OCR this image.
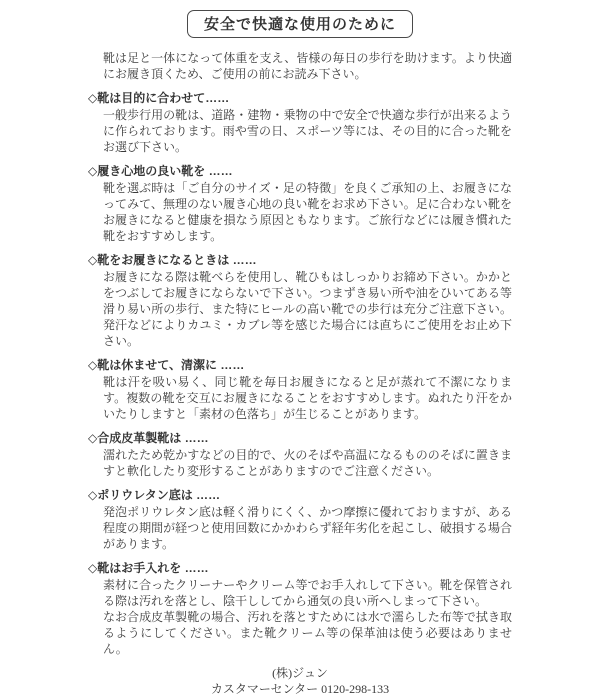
安全で快適な使用のために

靴は足と一体になって体重を支え、皆様の毎日の歩行を助けます。より快適にお履き頂くため、ご使用の前にお読み下さい。

◇靴は目的に合わせて……

一般歩行用の靴は、道路・建物・乗物の中で安全で快適な歩行が出来るように作られております。雨や雪の日、スポーツ等には、その目的に合った靴をお選び下さい。

◇履き心地の良い靴を ……

靴を選ぶ時は「ご自分のサイズ・足の特徴」を良くご承知の上、お履きになってみて、無理のない履き心地の良い靴をお求め下さい。足に合わない靴をお履きになると健康を損なう原因ともなります。ご旅行などには履き慣れた靴をおすすめします。

◇靴をお履きになるときは ……

お履きになる際は靴べらを使用し、靴ひもはしっかりお締め下さい。かかとをつぶしてお履きにならないで下さい。つまずき易い所や油をひいてある等滑り易い所の歩行、また特にヒールの高い靴での歩行は充分ご注意下さい。発汗などによりカユミ・カブレ等を感じた場合には直ちにご使用をお止め下さい。

◇靴は休ませて、清潔に ……

靴は汗を吸い易く、同じ靴を毎日お履きになると足が蒸れて不潔になります。複数の靴を交互にお履きになることをおすすめします。ぬれたり汗をかいたりしますと「素材の色落ち」が生じることがあります。

◇合成皮革製靴は ……

濡れたため乾かすなどの目的で、火のそばや高温になるもののそばに置きますと軟化したり変形することがありますのでご注意ください。

◇ポリウレタン底は ……

発泡ポリウレタン底は軽く滑りにくく、かつ摩擦に優れておりますが、ある程度の期間が経つと使用回数にかかわらず経年劣化を起こし、破損する場合があります。

◇靴はお手入れを ……

素材に合ったクリーナーやクリーム等でお手入れして下さい。靴を保管される際は汚れを落とし、陰干ししてから通気の良い所へしまって下さい。

なお合成皮革製靴の場合、汚れを落とすためには水で濡らした布等で拭き取るようにしてください。また靴クリーム等の保革油は使う必要はありません。

(株)ジュン

カスタマーセンター 0120-298-133
